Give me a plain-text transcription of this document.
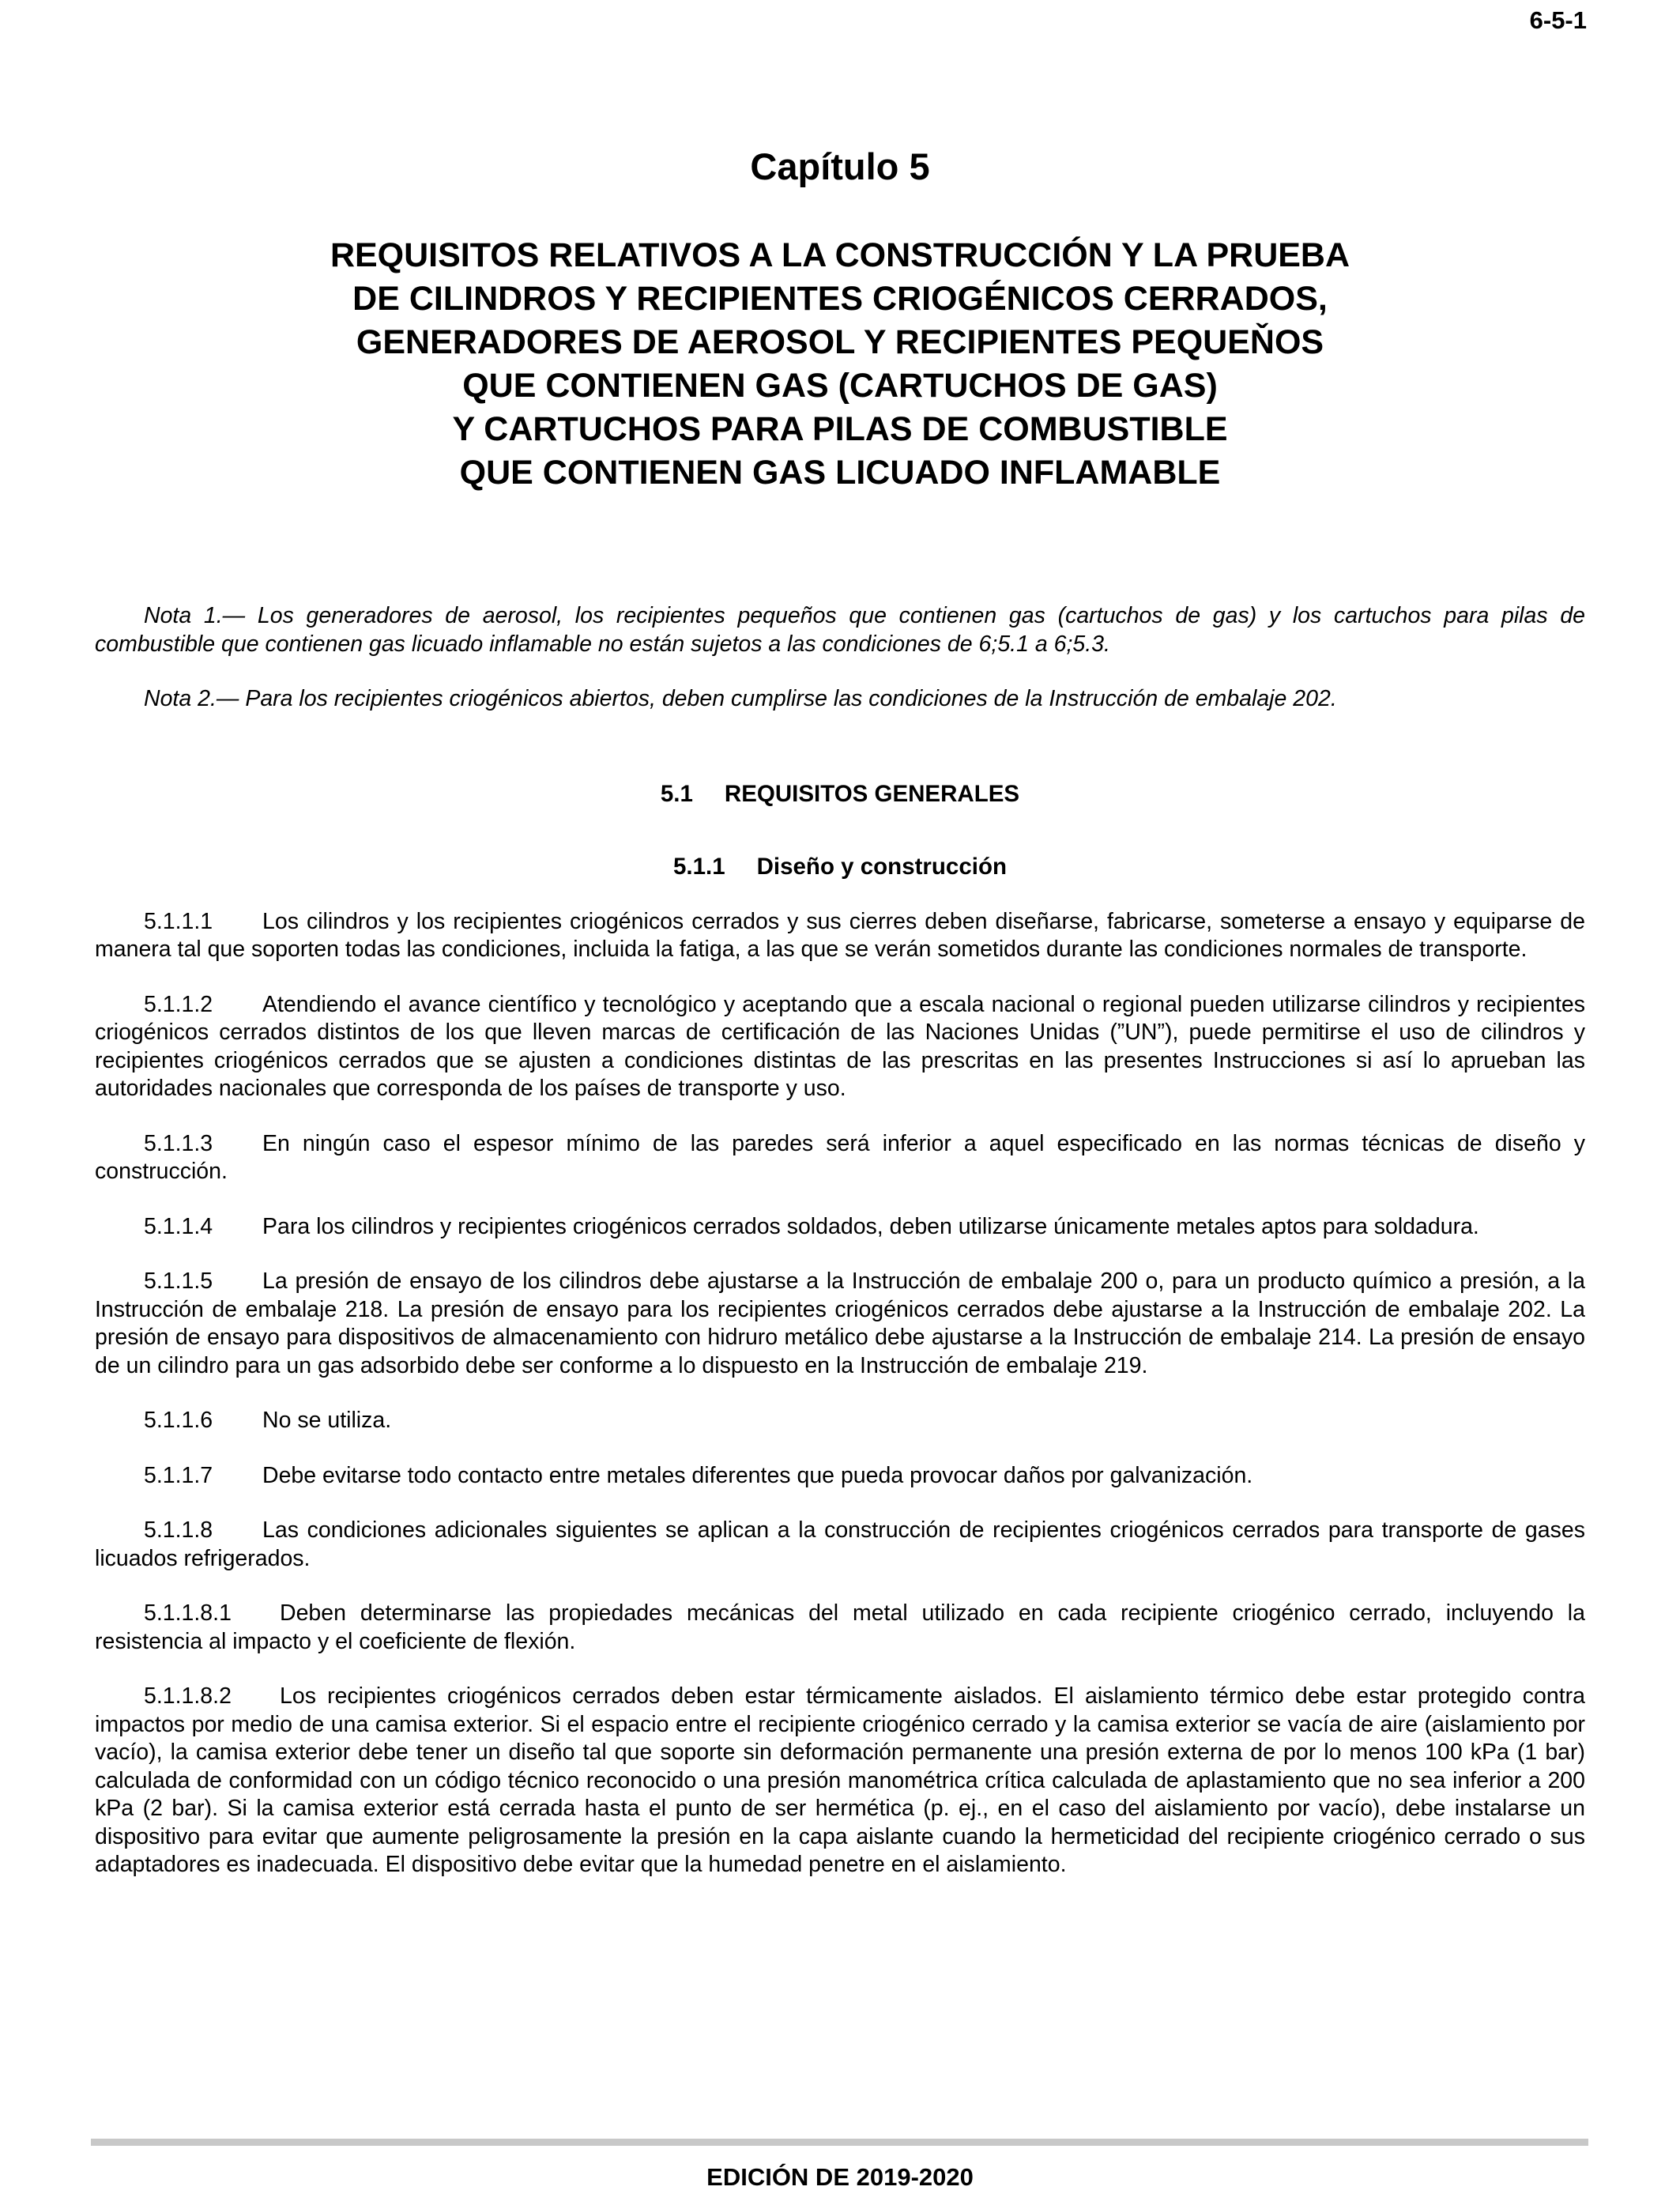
6-5-1
Capítulo 5
REQUISITOS RELATIVOS A LA CONSTRUCCIÓN Y LA PRUEBA
DE CILINDROS Y RECIPIENTES CRIOGÉNICOS CERRADOS,
GENERADORES DE AEROSOL Y RECIPIENTES PEQUEŇOS
QUE CONTIENEN GAS (CARTUCHOS DE GAS)
Y CARTUCHOS PARA PILAS DE COMBUSTIBLE
QUE CONTIENEN GAS LICUADO INFLAMABLE

Nota 1.— Los generadores de aerosol, los recipientes pequeños que contienen gas (cartuchos de gas) y los cartuchos para pilas de combustible que contienen gas licuado inflamable no están sujetos a las condiciones de 6;5.1 a 6;5.3.

Nota 2.— Para los recipientes criogénicos abiertos, deben cumplirse las condiciones de la Instrucción de embalaje 202.

5.1 REQUISITOS GENERALES
5.1.1 Diseño y construcción

5.1.1.1 Los cilindros y los recipientes criogénicos cerrados y sus cierres deben diseñarse, fabricarse, someterse a ensayo y equiparse de manera tal que soporten todas las condiciones, incluida la fatiga, a las que se verán sometidos durante las condiciones normales de transporte.

5.1.1.2 Atendiendo el avance científico y tecnológico y aceptando que a escala nacional o regional pueden utilizarse cilindros y recipientes criogénicos cerrados distintos de los que lleven marcas de certificación de las Naciones Unidas (”UN”), puede permitirse el uso de cilindros y recipientes criogénicos cerrados que se ajusten a condiciones distintas de las prescritas en las presentes Instrucciones si así lo aprueban las autoridades nacionales que corresponda de los países de transporte y uso.

5.1.1.3 En ningún caso el espesor mínimo de las paredes será inferior a aquel especificado en las normas técnicas de diseño y construcción.

5.1.1.4 Para los cilindros y recipientes criogénicos cerrados soldados, deben utilizarse únicamente metales aptos para soldadura.

5.1.1.5 La presión de ensayo de los cilindros debe ajustarse a la Instrucción de embalaje 200 o, para un producto químico a presión, a la Instrucción de embalaje 218. La presión de ensayo para los recipientes criogénicos cerrados debe ajustarse a la Instrucción de embalaje 202. La presión de ensayo para dispositivos de almacenamiento con hidruro metálico debe ajustarse a la Instrucción de embalaje 214. La presión de ensayo de un cilindro para un gas adsorbido debe ser conforme a lo dispuesto en la Instrucción de embalaje 219.

5.1.1.6 No se utiliza.

5.1.1.7 Debe evitarse todo contacto entre metales diferentes que pueda provocar daños por galvanización.

5.1.1.8 Las condiciones adicionales siguientes se aplican a la construcción de recipientes criogénicos cerrados para transporte de gases licuados refrigerados.

5.1.1.8.1 Deben determinarse las propiedades mecánicas del metal utilizado en cada recipiente criogénico cerrado, incluyendo la resistencia al impacto y el coeficiente de flexión.

5.1.1.8.2 Los recipientes criogénicos cerrados deben estar térmicamente aislados. El aislamiento térmico debe estar protegido contra impactos por medio de una camisa exterior. Si el espacio entre el recipiente criogénico cerrado y la camisa exterior se vacía de aire (aislamiento por vacío), la camisa exterior debe tener un diseño tal que soporte sin deformación permanente una presión externa de por lo menos 100 kPa (1 bar) calculada de conformidad con un código técnico reconocido o una presión manométrica crítica calculada de aplastamiento que no sea inferior a 200 kPa (2 bar). Si la camisa exterior está cerrada hasta el punto de ser hermética (p. ej., en el caso del aislamiento por vacío), debe instalarse un dispositivo para evitar que aumente peligrosamente la presión en la capa aislante cuando la hermeticidad del recipiente criogénico cerrado o sus adaptadores es inadecuada. El dispositivo debe evitar que la humedad penetre en el aislamiento.

EDICIÓN DE 2019-2020
